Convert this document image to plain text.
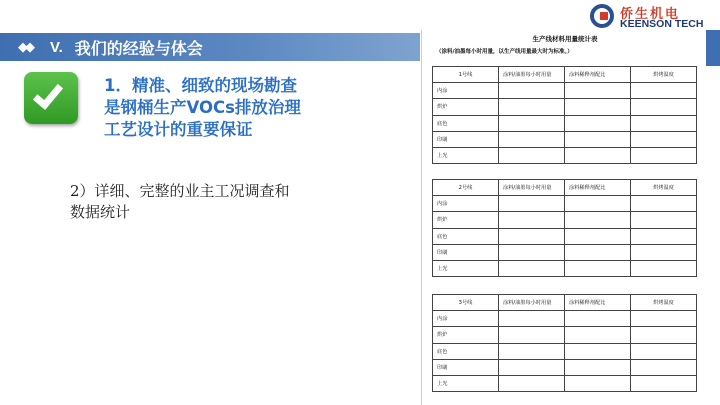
◆◆	V. 我们的经验与体会
侨生机电
KEENSON TECH
1．精准、细致的现场勘查
是钢桶生产VOCs排放治理
工艺设计的重要保证
2）详细、完整的业主工况调查和
数据统计
生产线材料用量统计表
（涂料/油墨每小时用量，以生产线用量最大时为标准。）
1号线	涂料/油墨每小时用量	涂料稀释剂配比	烘烤温度
内涂			
烘炉			
底色			
印刷			
上光			
2号线	涂料/油墨每小时用量	涂料稀释剂配比	烘烤温度
内涂			
烘炉			
底色			
印刷			
上光			
3号线	涂料/油墨每小时用量	涂料稀释剂配比	烘烤温度
内涂			
烘炉			
底色			
印刷			
上光			
